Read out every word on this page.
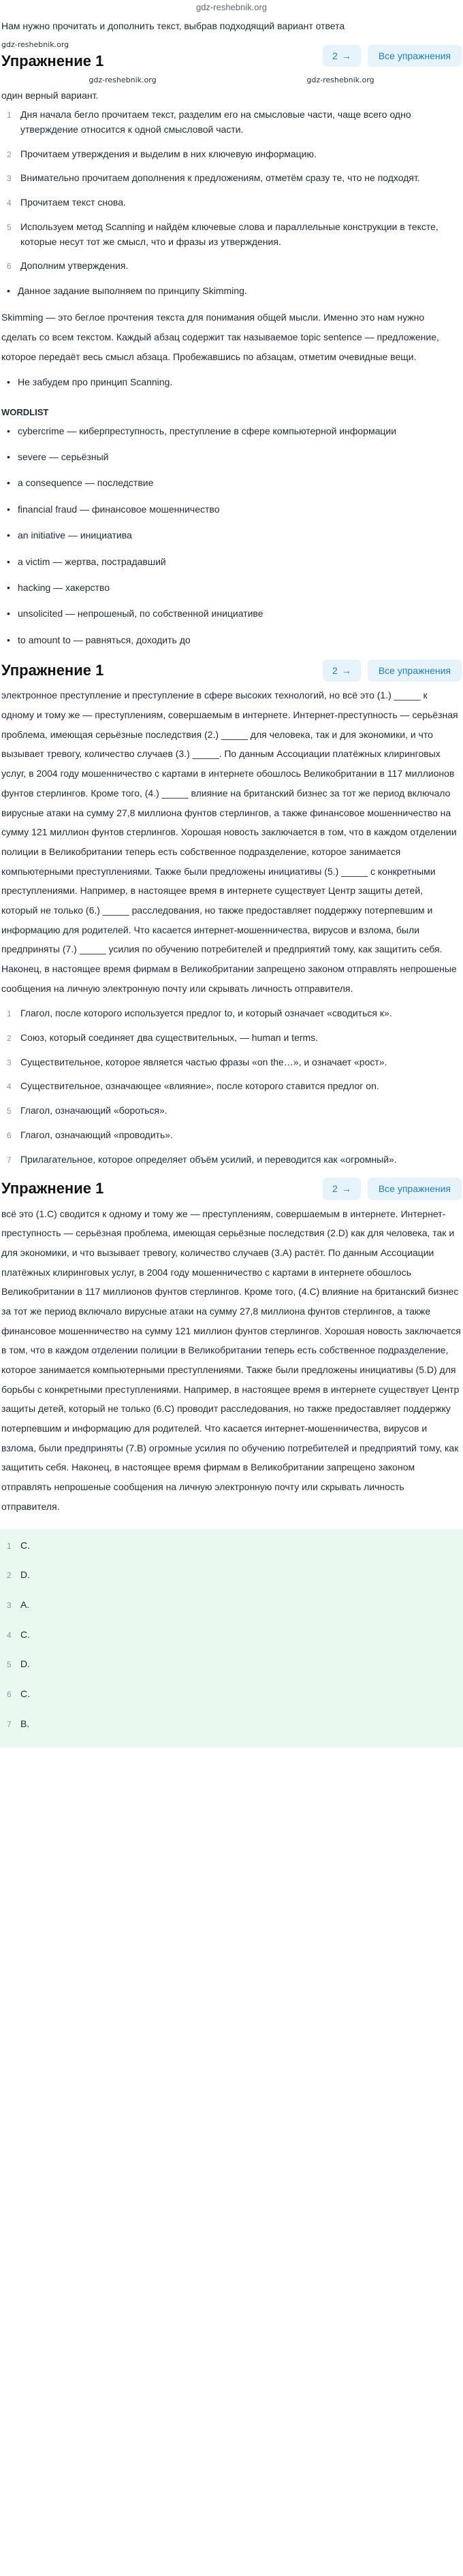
gdz-reshebnik.org
Нам нужно прочитать и дополнить текст, выбрав подходящий вариант ответа
gdz-reshebnik.org
Упражнение 1	2 →	Все упражнения
gdz-reshebnik.org	gdz-reshebnik.org
один верный вариант.
1 Дня начала бегло прочитаем текст, разделим его на смысловые части, чаще всего одно утверждение относится к одной смысловой части.
2 Прочитаем утверждения и выделим в них ключевую информацию.
3 Внимательно прочитаем дополнения к предложениям, отметём сразу те, что не подходят.
4 Прочитаем текст снова.
5 Используем метод Scanning и найдём ключевые слова и параллельные конструкции в тексте, которые несут тот же смысл, что и фразы из утверждения.
6 Дополним утверждения.
• Данное задание выполняем по принципу Skimming.
Skimming — это беглое прочтения текста для понимания общей мысли. Именно это нам нужно сделать со всем текстом. Каждый абзац содержит так называемое topic sentence — предложение, которое передаёт весь смысл абзаца. Пробежавшись по абзацам, отметим очевидные вещи.
• Не забудем про принцип Scanning.
WORDLIST
• cybercrime — киберпреступность, преступление в сфере компьютерной информации
• severe — серьёзный
• a consequence — последствие
• financial fraud — финансовое мошенничество
• an initiative — инициатива
• a victim — жертва, пострадавший
• hacking — хакерство
• unsolicited — непрошеный, по собственной инициативе
• to amount to — равняться, доходить до
Упражнение 1	2 →	Все упражнения
электронное преступление и преступление в сфере высоких технологий, но всё это (1.) _____ к одному и тому же — преступлениям, совершаемым в интернете. Интернет-преступность — серьёзная проблема, имеющая серьёзные последствия (2.) _____ для человека, так и для экономики, и что вызывает тревогу, количество случаев (3.) _____. По данным Ассоциации платёжных клиринговых услуг, в 2004 году мошенничество с картами в интернете обошлось Великобритании в 117 миллионов фунтов стерлингов. Кроме того, (4.) _____ влияние на британский бизнес за тот же период включало вирусные атаки на сумму 27,8 миллиона фунтов стерлингов, а также финансовое мошенничество на сумму 121 миллион фунтов стерлингов. Хорошая новость заключается в том, что в каждом отделении полиции в Великобритании теперь есть собственное подразделение, которое занимается компьютерными преступлениями. Также были предложены инициативы (5.) _____ с конкретными преступлениями. Например, в настоящее время в интернете существует Центр защиты детей, который не только (6.) _____ расследования, но также предоставляет поддержку потерпевшим и информацию для родителей. Что касается интернет-мошенничества, вирусов и взлома, были предприняты (7.) _____ усилия по обучению потребителей и предприятий тому, как защитить себя. Наконец, в настоящее время фирмам в Великобритании запрещено законом отправлять непрошеные сообщения на личную электронную почту или скрывать личность отправителя.
1 Глагол, после которого используется предлог to, и который означает «сводиться к».
2 Союз, который соединяет два существительных, — human и terms.
3 Существительное, которое является частью фразы «on the…», и означает «рост».
4 Существительное, означающее «влияние», после которого ставится предлог on.
5 Глагол, означающий «бороться».
6 Глагол, означающий «проводить».
7 Прилагательное, которое определяет объём усилий, и переводится как «огромный».
Упражнение 1	2 →	Все упражнения
всё это (1.C) сводится к одному и тому же — преступлениям, совершаемым в интернете. Интернет-преступность — серьёзная проблема, имеющая серьёзные последствия (2.D) как для человека, так и для экономики, и что вызывает тревогу, количество случаев (3.A) растёт. По данным Ассоциации платёжных клиринговых услуг, в 2004 году мошенничество с картами в интернете обошлось Великобритании в 117 миллионов фунтов стерлингов. Кроме того, (4.C) влияние на британский бизнес за тот же период включало вирусные атаки на сумму 27,8 миллиона фунтов стерлингов, а также финансовое мошенничество на сумму 121 миллион фунтов стерлингов. Хорошая новость заключается в том, что в каждом отделении полиции в Великобритании теперь есть собственное подразделение, которое занимается компьютерными преступлениями. Также были предложены инициативы (5.D) для борьбы с конкретными преступлениями. Например, в настоящее время в интернете существует Центр защиты детей, который не только (6.C) проводит расследования, но также предоставляет поддержку потерпевшим и информацию для родителей. Что касается интернет-мошенничества, вирусов и взлома, были предприняты (7.B) огромные усилия по обучению потребителей и предприятий тому, как защитить себя. Наконец, в настоящее время фирмам в Великобритании запрещено законом отправлять непрошеные сообщения на личную электронную почту или скрывать личность отправителя.
1 C.
2 D.
3 A.
4 C.
5 D.
6 C.
7 B.
